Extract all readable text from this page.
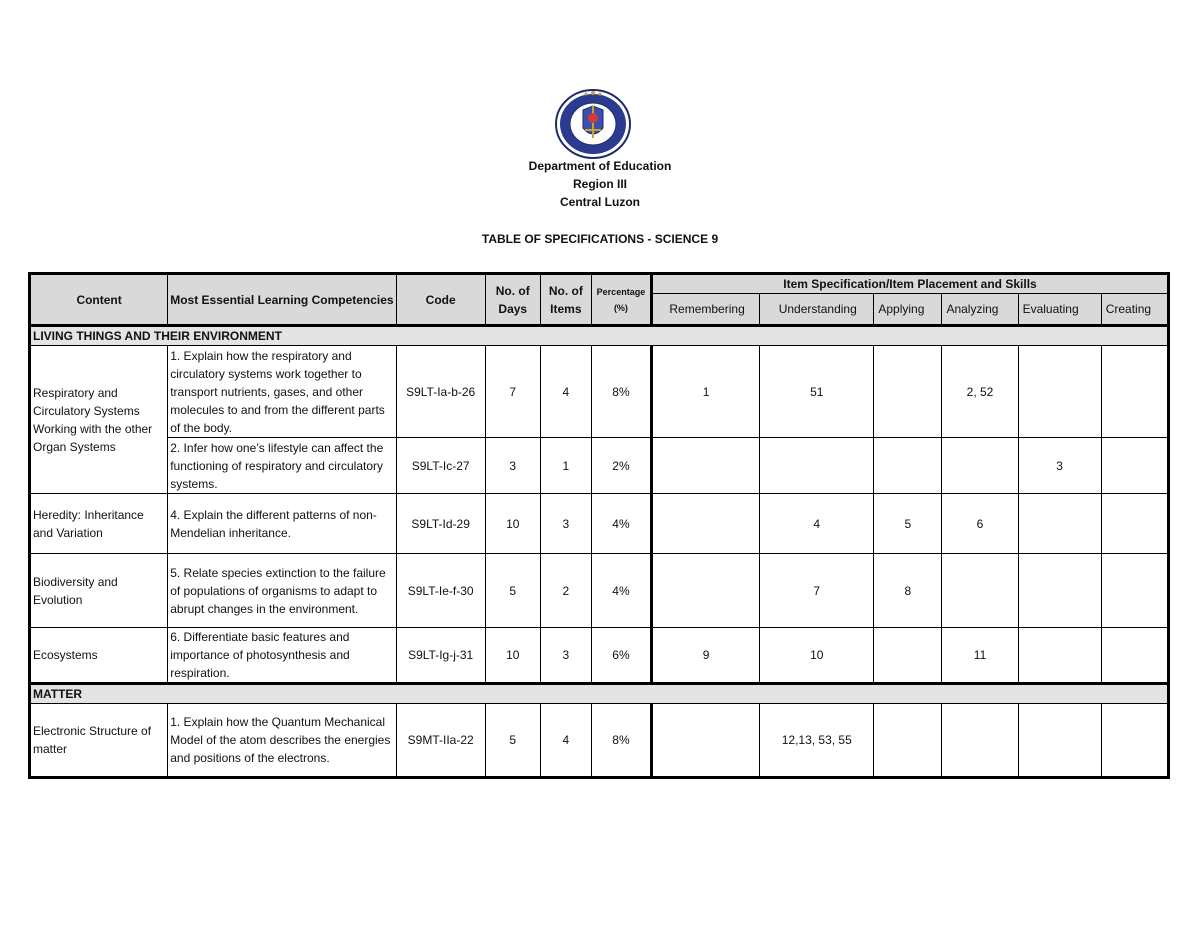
Department of Education
Region III
Central Luzon
TABLE OF SPECIFICATIONS - SCIENCE 9
Content	Most Essential Learning Competencies	Code	No. of Days	No. of Items	Percentage (%)	Item Specification/Item Placement and Skills					
						Remembering	Understanding	Applying	Analyzing	Evaluating	Creating
LIVING THINGS AND THEIR ENVIRONMENT											
Respiratory and Circulatory Systems Working with the other Organ Systems	1. Explain how the respiratory and circulatory systems work together to transport nutrients, gases, and other molecules to and from the different parts of the body.	S9LT-Ia-b-26	7	4	8%	1	51		2, 52		
	2. Infer how one’s lifestyle can affect the functioning of respiratory and circulatory systems.	S9LT-Ic-27	3	1	2%					3	
Heredity: Inheritance and Variation	4. Explain the different patterns of non-Mendelian inheritance.	S9LT-Id-29	10	3	4%		4	5	6		
Biodiversity and Evolution	5. Relate species extinction to the failure of populations of organisms to adapt to abrupt changes in the environment.	S9LT-Ie-f-30	5	2	4%		7	8			
Ecosystems	6. Differentiate basic features and importance of photosynthesis and respiration.	S9LT-Ig-j-31	10	3	6%	9	10		11		
MATTER											
Electronic Structure of matter	1. Explain how the Quantum Mechanical Model of the atom describes the energies and positions of the electrons.	S9MT-IIa-22	5	4	8%		12,13, 53, 55				
